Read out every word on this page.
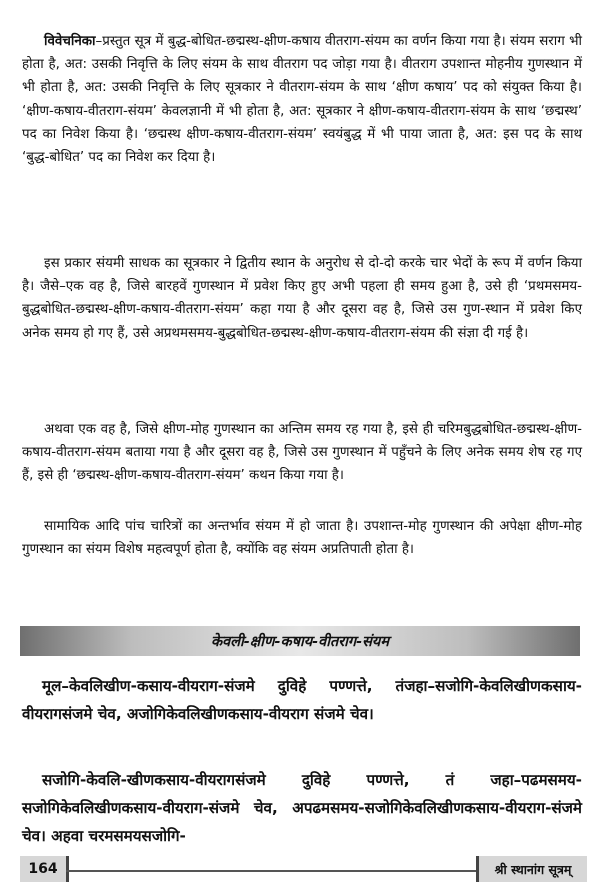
विवेचनिका–प्रस्तुत सूत्र में बुद्ध-बोधित-छद्मस्थ-क्षीण-कषाय वीतराग-संयम का वर्णन किया गया है। संयम सराग भी होता है, अत: उसकी निवृत्ति के लिए संयम के साथ वीतराग पद जोड़ा गया है। वीतराग उपशान्त मोहनीय गुणस्थान में भी होता है, अत: उसकी निवृत्ति के लिए सूत्रकार ने वीतराग-संयम के साथ ‘क्षीण कषाय’ पद को संयुक्त किया है। ‘क्षीण-कषाय-वीतराग-संयम’ केवलज्ञानी में भी होता है, अत: सूत्रकार ने क्षीण-कषाय-वीतराग-संयम के साथ ‘छद्मस्थ’ पद का निवेश किया है। ‘छद्मस्थ क्षीण-कषाय-वीतराग-संयम’ स्वयंबुद्ध में भी पाया जाता है, अत: इस पद के साथ ‘बुद्ध-बोधित’ पद का निवेश कर दिया है।

इस प्रकार संयमी साधक का सूत्रकार ने द्वितीय स्थान के अनुरोध से दो-दो करके चार भेदों के रूप में वर्णन किया है। जैसे–एक वह है, जिसे बारहवें गुणस्थान में प्रवेश किए हुए अभी पहला ही समय हुआ है, उसे ही ‘प्रथमसमय-बुद्धबोधित-छद्मस्थ-क्षीण-कषाय-वीतराग-संयम’ कहा गया है और दूसरा वह है, जिसे उस गुण-स्थान में प्रवेश किए अनेक समय हो गए हैं, उसे अप्रथमसमय-बुद्धबोधित-छद्मस्थ-क्षीण-कषाय-वीतराग-संयम की संज्ञा दी गई है।

अथवा एक वह है, जिसे क्षीण-मोह गुणस्थान का अन्तिम समय रह गया है, इसे ही चरिमबुद्धबोधित-छद्मस्थ-क्षीण-कषाय-वीतराग-संयम बताया गया है और दूसरा वह है, जिसे उस गुणस्थान में पहुँचने के लिए अनेक समय शेष रह गए हैं, इसे ही ‘छद्मस्थ-क्षीण-कषाय-वीतराग-संयम’ कथन किया गया है।

सामायिक आदि पांच चारित्रों का अन्तर्भाव संयम में हो जाता है। उपशान्त-मोह गुणस्थान की अपेक्षा क्षीण-मोह गुणस्थान का संयम विशेष महत्वपूर्ण होता है, क्योंकि वह संयम अप्रतिपाती होता है।

केवली-क्षीण-कषाय-वीतराग-संयम

मूल–केवलिखीण-कसाय-वीयराग-संजमे दुविहे पण्णत्ते, तंजहा–सजोगि-केवलिखीणकसाय-वीयरागसंजमे चेव, अजोगिकेवलिखीणकसाय-वीयराग संजमे चेव।

सजोगि-केवलि-खीणकसाय-वीयरागसंजमे दुविहे पण्णत्ते, तं जहा–पढमसमय-सजोगिकेवलिखीणकसाय-वीयराग-संजमे चेव, अपढमसमय-सजोगिकेवलिखीणकसाय-वीयराग-संजमे चेव। अहवा चरमसमयसजोगि-

164	श्री स्थानांग सूत्रम्
